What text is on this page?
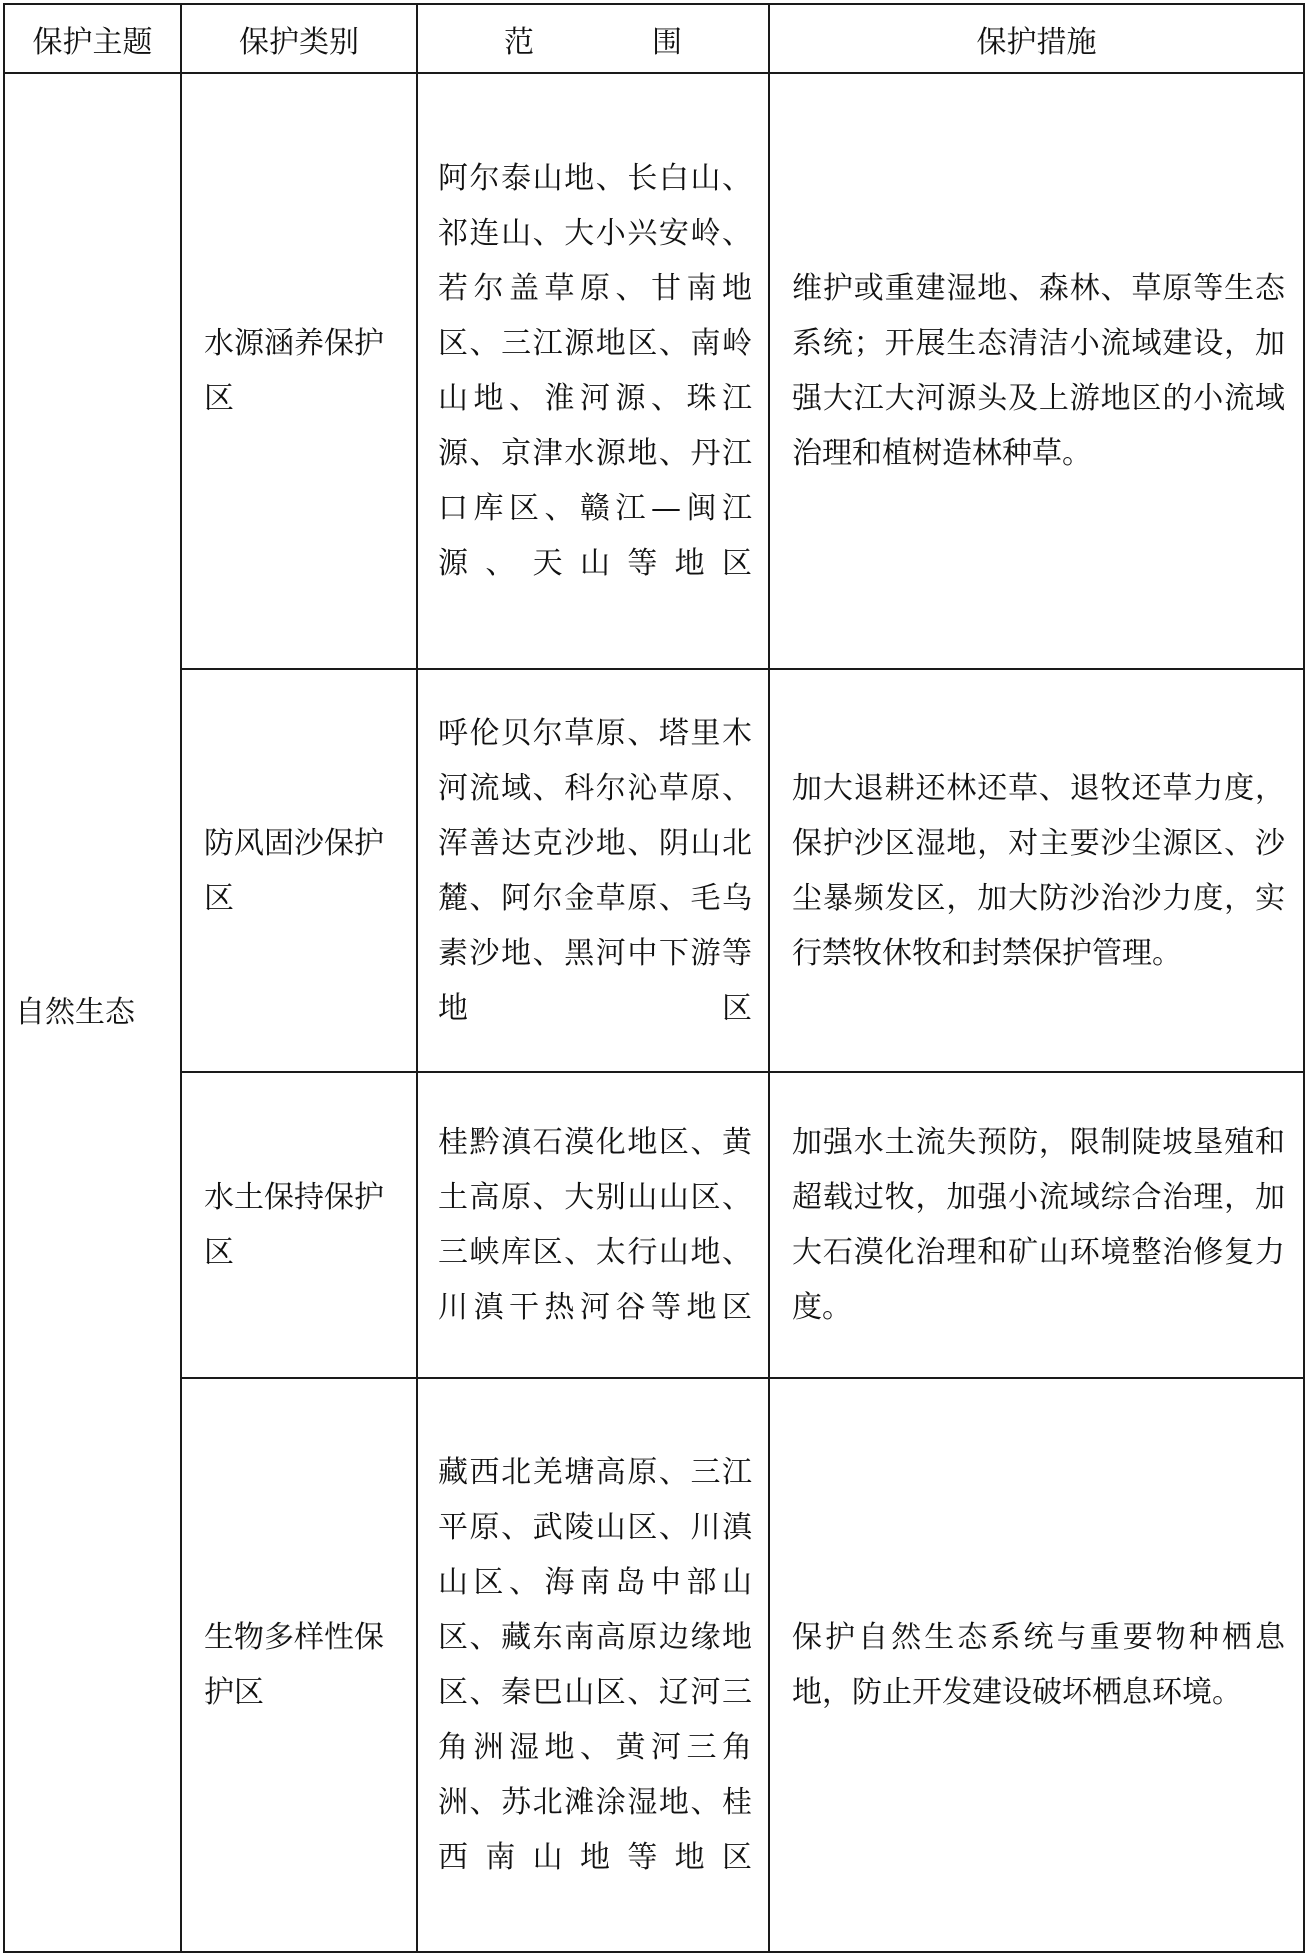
保护主题	保护类别	范　围	保护措施
自然生态	水源涵养保护区	阿尔泰山地、长白山、祁连山、大小兴安岭、若尔盖草原、甘南地区、三江源地区、南岭山地、淮河源、珠江源、京津水源地、丹江口库区、赣江—闽江源、天山等地区	维护或重建湿地、森林、草原等生态系统；开展生态清洁小流域建设，加强大江大河源头及上游地区的小流域治理和植树造林种草。
	防风固沙保护区	呼伦贝尔草原、塔里木河流域、科尔沁草原、浑善达克沙地、阴山北麓、阿尔金草原、毛乌素沙地、黑河中下游等地区	加大退耕还林还草、退牧还草力度，保护沙区湿地，对主要沙尘源区、沙尘暴频发区，加大防沙治沙力度，实行禁牧休牧和封禁保护管理。
	水土保持保护区	桂黔滇石漠化地区、黄土高原、大别山山区、三峡库区、太行山地、川滇干热河谷等地区	加强水土流失预防，限制陡坡垦殖和超载过牧，加强小流域综合治理，加大石漠化治理和矿山环境整治修复力度。
	生物多样性保护区	藏西北羌塘高原、三江平原、武陵山区、川滇山区、海南岛中部山区、藏东南高原边缘地区、秦巴山区、辽河三角洲湿地、黄河三角洲、苏北滩涂湿地、桂西南山地等地区	保护自然生态系统与重要物种栖息地，防止开发建设破坏栖息环境。
